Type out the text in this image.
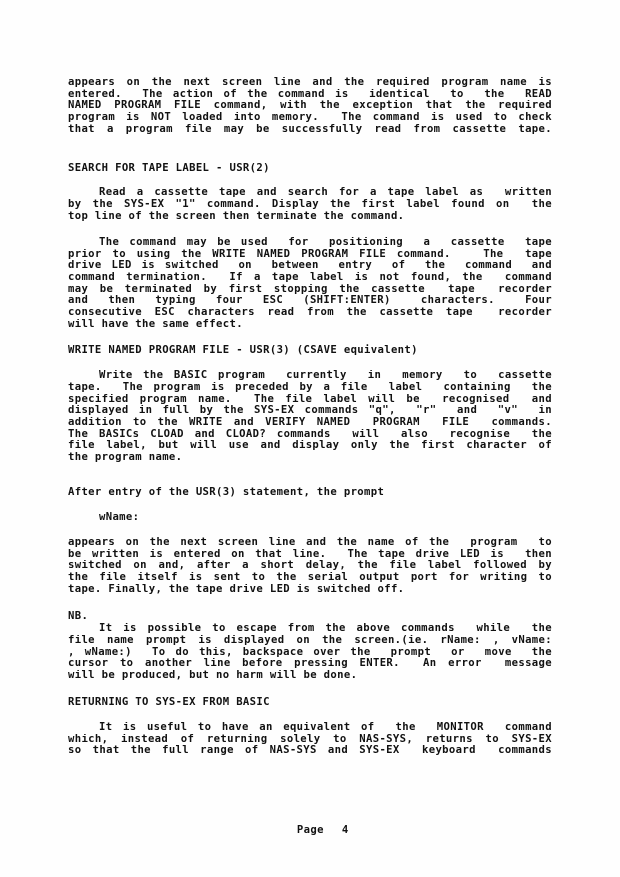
appears on the next screen line and the required program name is
entered.  The action of the command is  identical  to  the  READ
NAMED PROGRAM FILE command, with the exception that the required
program is NOT loaded into memory.  The command is used to check
that a program file may be successfully read from cassette tape.
SEARCH FOR TAPE LABEL - USR(2)
Read a cassette tape and search for a tape label as  written
by the SYS-EX "1" command. Display the first label found on  the
top line of the screen then terminate the command.
The command may be used  for  positioning  a  cassette  tape
prior to using the WRITE NAMED PROGRAM FILE command.   The  tape
drive LED is switched  on  between  entry  of  the  command  and
command termination.  If a tape label is not found, the  command
may be terminated by first stopping the cassette  tape  recorder
and  then  typing  four  ESC  (SHIFT:ENTER)   characters.   Four
consecutive ESC characters read from the cassette tape  recorder
will have the same effect.
WRITE NAMED PROGRAM FILE - USR(3) (CSAVE equivalent)
Write the BASIC program  currently  in  memory  to  cassette
tape.  The program is preceded by a file  label  containing  the
specified program name.  The file label will be  recognised  and
displayed in full by the SYS-EX commands "q",  "r"  and  "v"  in
addition to the WRITE and VERIFY NAMED  PROGRAM  FILE  commands.
The BASICs CLOAD and CLOAD? commands  will  also  recognise  the
file label, but will use and display only the first character of
the program name.
After entry of the USR(3) statement, the prompt
wName:
appears on the next screen line and the name of the  program  to
be written is entered on that line.  The tape drive LED is  then
switched on and, after a short delay, the file label followed by
the file itself is sent to the serial output port for writing to
tape. Finally, the tape drive LED is switched off.
NB.
It is possible to escape from the above commands  while  the
file name prompt is displayed on the screen.(ie. rName: , vName:
, wName:)  To do this, backspace over the  prompt  or  move  the
cursor to another line before pressing ENTER.  An error  message
will be produced, but no harm will be done.
RETURNING TO SYS-EX FROM BASIC
It is useful to have an equivalent of  the  MONITOR  command
which, instead of returning solely to NAS-SYS, returns to SYS-EX
so that the full range of NAS-SYS and SYS-EX  keyboard  commands

Page 4
